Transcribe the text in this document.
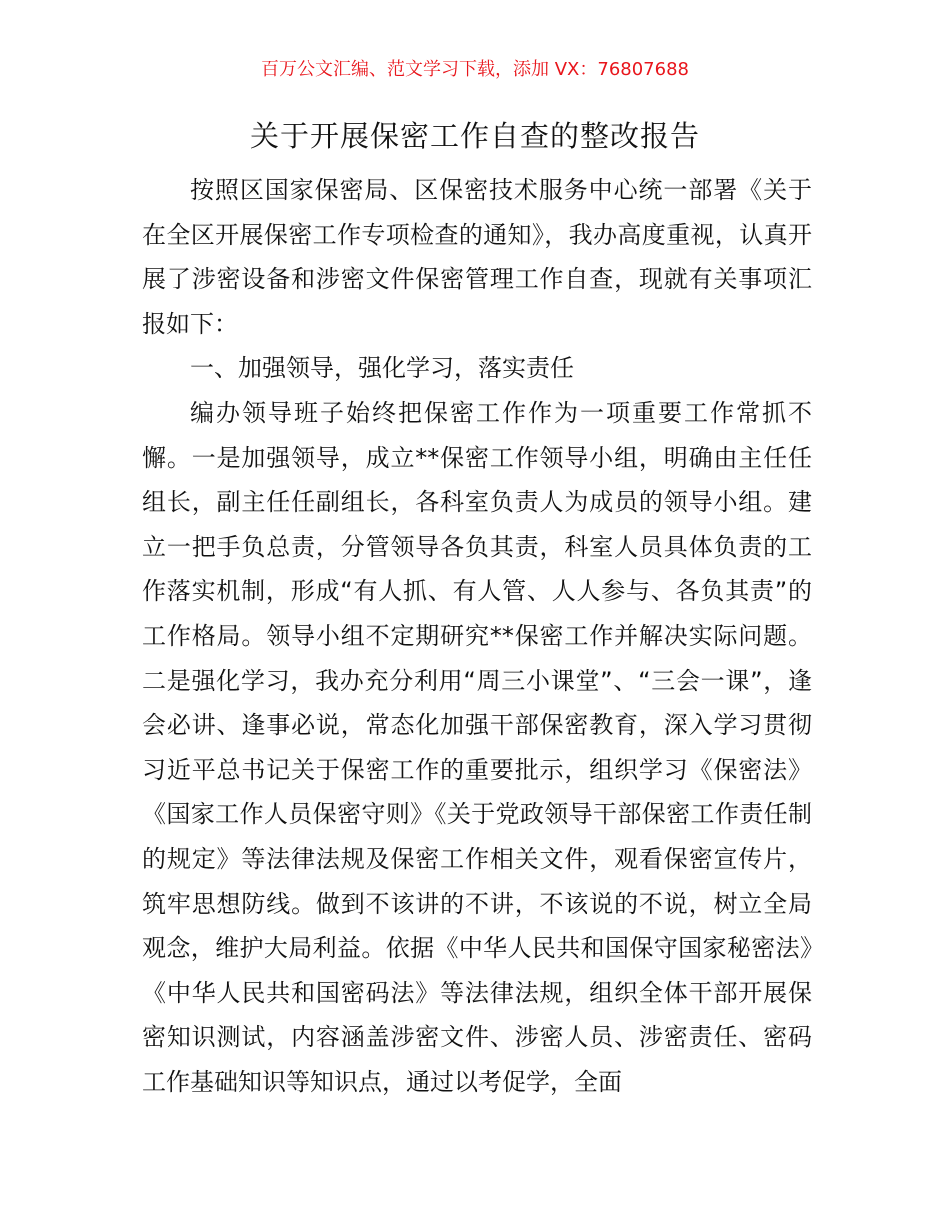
百万公文汇编、范文学习下载，添加 VX：76807688

关于开展保密工作自查的整改报告

按照区国家保密局、区保密技术服务中心统一部署《关于在全区开展保密工作专项检查的通知》，我办高度重视，认真开展了涉密设备和涉密文件保密管理工作自查，现就有关事项汇报如下：

一、加强领导，强化学习，落实责任

编办领导班子始终把保密工作作为一项重要工作常抓不懈。一是加强领导，成立**保密工作领导小组，明确由主任任组长，副主任任副组长，各科室负责人为成员的领导小组。建立一把手负总责，分管领导各负其责，科室人员具体负责的工作落实机制，形成“有人抓、有人管、人人参与、各负其责”的工作格局。领导小组不定期研究**保密工作并解决实际问题。二是强化学习，我办充分利用“周三小课堂”、“三会一课”，逢会必讲、逢事必说，常态化加强干部保密教育，深入学习贯彻习近平总书记关于保密工作的重要批示，组织学习《保密法》《国家工作人员保密守则》《关于党政领导干部保密工作责任制的规定》等法律法规及保密工作相关文件，观看保密宣传片，筑牢思想防线。做到不该讲的不讲，不该说的不说，树立全局观念，维护大局利益。依据《中华人民共和国保守国家秘密法》《中华人民共和国密码法》等法律法规，组织全体干部开展保密知识测试，内容涵盖涉密文件、涉密人员、涉密责任、密码工作基础知识等知识点，通过以考促学，全面
